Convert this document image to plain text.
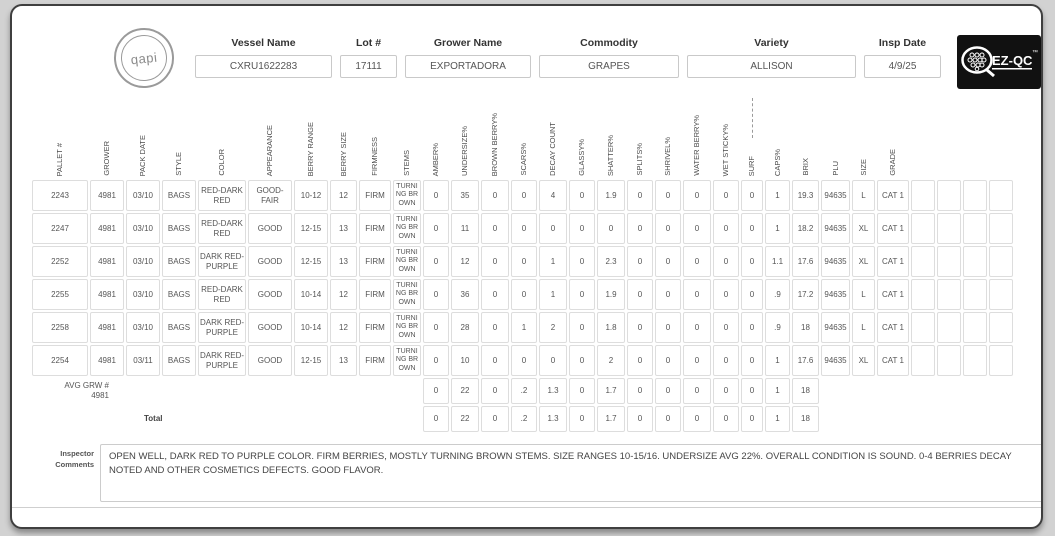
qapi
Vessel Name
CXRU1622283
Lot #
17111
Grower Name
EXPORTADORA
Commodity
GRAPES
Variety
ALLISON
Insp Date
4/9/25	EZ-QC ™
PALLET #	GROWER	PACK DATE	STYLE	COLOR	APPEARANCE	BERRY RANGE	BERRY SIZE	FIRMNESS	STEMS	AMBER%	UNDERSIZE%	BROWN BERRY%	SCARS%	DECAY COUNT	GLASSY%	SHATTER%	SPLITS%	SHRIVEL%	WATER BERRY%	WET STICKY%	SURF	CAPS%	BRIX	PLU	SIZE	GRADE				

2243	4981	03/10	BAGS	RED-DARK RED	GOOD-FAIR	10-12	12	FIRM	TURNING BROWN	0	35	0	0	4	0	1.9	0	0	0	0	0	1	19.3	94635	L	CAT 1				
2247	4981	03/10	BAGS	RED-DARK RED	GOOD	12-15	13	FIRM	TURNING BROWN	0	11	0	0	0	0	0	0	0	0	0	0	1	18.2	94635	XL	CAT 1				
2252	4981	03/10	BAGS	DARK RED-PURPLE	GOOD	12-15	13	FIRM	TURNING BROWN	0	12	0	0	1	0	2.3	0	0	0	0	0	1.1	17.6	94635	XL	CAT 1				
2255	4981	03/10	BAGS	RED-DARK RED	GOOD	10-14	12	FIRM	TURNING BROWN	0	36	0	0	1	0	1.9	0	0	0	0	0	.9	17.2	94635	L	CAT 1				
2258	4981	03/10	BAGS	DARK RED-PURPLE	GOOD	10-14	12	FIRM	TURNING BROWN	0	28	0	1	2	0	1.8	0	0	0	0	0	.9	18	94635	L	CAT 1				
2254	4981	03/11	BAGS	DARK RED-PURPLE	GOOD	12-15	13	FIRM	TURNING BROWN	0	10	0	0	0	0	2	0	0	0	0	0	1	17.6	94635	XL	CAT 1				

AVG GRW #
4981										0	22	0	.2	1.3	0	1.7	0	0	0	0	0	1	18							
Total										0	22	0	.2	1.3	0	1.7	0	0	0	0	0	1	18							
Inspector
Comments
OPEN WELL, DARK RED TO PURPLE COLOR. FIRM BERRIES, MOSTLY TURNING BROWN STEMS. SIZE RANGES 10-15/16. UNDERSIZE AVG 22%. OVERALL CONDITION IS SOUND. 0-4 BERRIES DECAY NOTED AND OTHER COSMETICS DEFECTS. GOOD FLAVOR.
